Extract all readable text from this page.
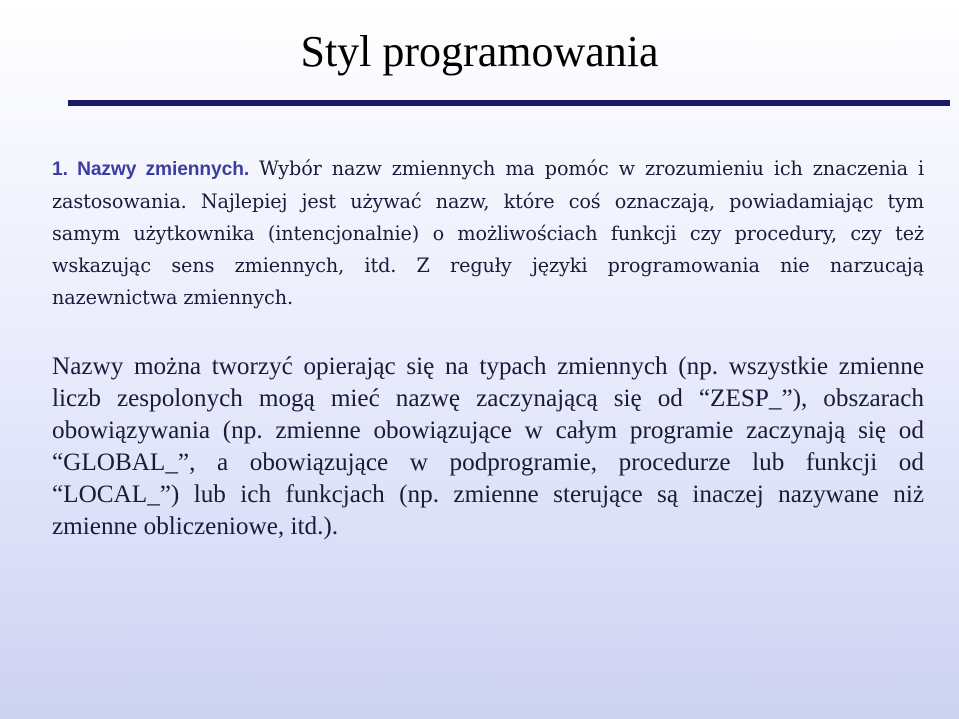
Styl programowania

1. Nazwy zmiennych. Wybór nazw zmiennych ma pomóc w zrozumieniu ich znaczenia i zastosowania. Najlepiej jest używać nazw, które coś oznaczają, powiadamiając tym samym użytkownika (intencjonalnie) o możliwościach funkcji czy procedury, czy też wskazując sens zmiennych, itd. Z reguły języki programowania nie narzucają nazewnictwa zmiennych.

Nazwy można tworzyć opierając się na typach zmiennych (np. wszystkie zmienne liczb zespolonych mogą mieć nazwę zaczynającą się od “ZESP_”), obszarach obowiązywania (np. zmienne obowiązujące w całym programie zaczynają się od “GLOBAL_”, a obowiązujące w podprogramie, procedurze lub funkcji od “LOCAL_”) lub ich funkcjach (np. zmienne sterujące są inaczej nazywane niż zmienne obliczeniowe, itd.).
